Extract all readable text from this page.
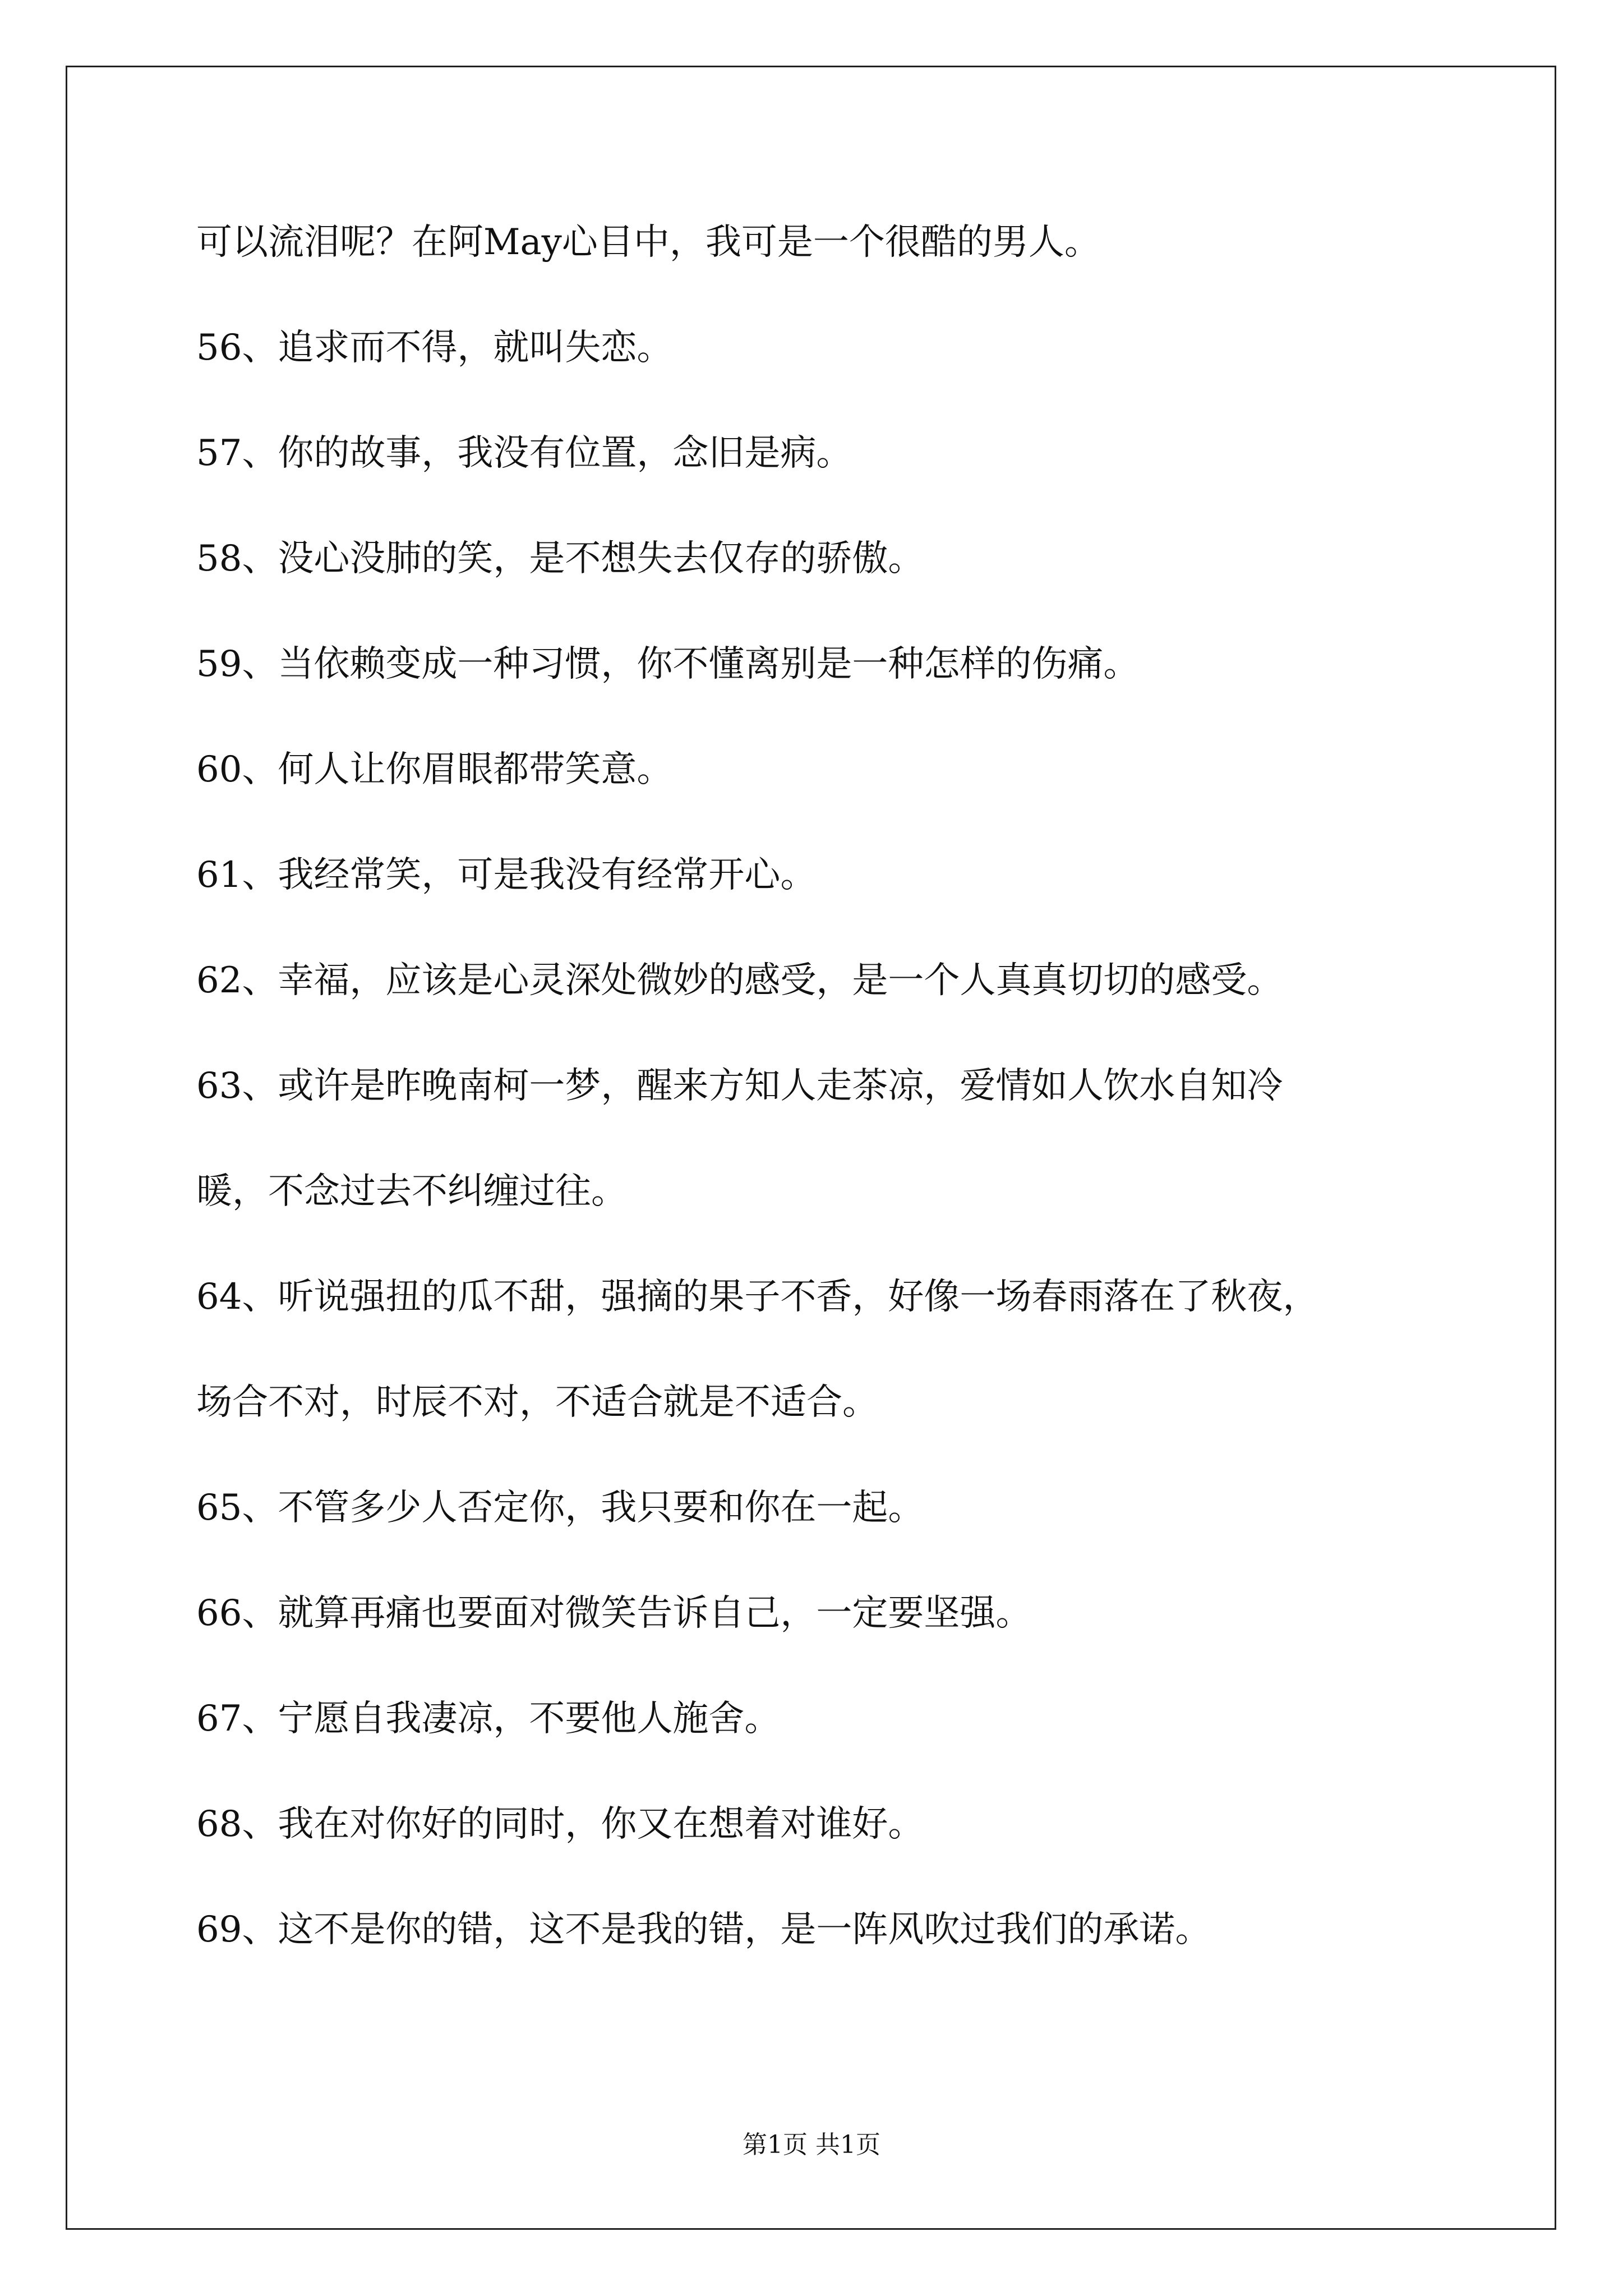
可以流泪呢？在阿May心目中，我可是一个很酷的男人。
56、追求而不得，就叫失恋。
57、你的故事，我没有位置，念旧是病。
58、没心没肺的笑，是不想失去仅存的骄傲。
59、当依赖变成一种习惯，你不懂离别是一种怎样的伤痛。
60、何人让你眉眼都带笑意。
61、我经常笑，可是我没有经常开心。
62、幸福，应该是心灵深处微妙的感受，是一个人真真切切的感受。
63、或许是昨晚南柯一梦，醒来方知人走茶凉，爱情如人饮水自知冷
暖，不念过去不纠缠过往。
64、听说强扭的瓜不甜，强摘的果子不香，好像一场春雨落在了秋夜，
场合不对，时辰不对，不适合就是不适合。
65、不管多少人否定你，我只要和你在一起。
66、就算再痛也要面对微笑告诉自己，一定要坚强。
67、宁愿自我凄凉，不要他人施舍。
68、我在对你好的同时，你又在想着对谁好。
69、这不是你的错，这不是我的错，是一阵风吹过我们的承诺。
第1页 共1页
